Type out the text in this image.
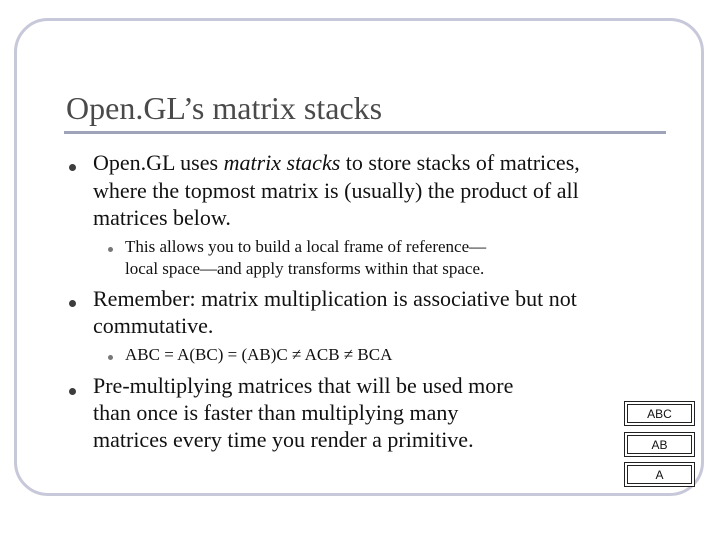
Open.GL’s matrix stacks
Open.GL uses matrix stacks to store stacks of matrices,
where the topmost matrix is (usually) the product of all
matrices below.
This allows you to build a local frame of reference—
local space—and apply transforms within that space.
Remember: matrix multiplication is associative but not
commutative.
ABC = A(BC) = (AB)C ≠ ACB ≠ BCA
Pre-multiplying matrices that will be used more
than once is faster than multiplying many
matrices every time you render a primitive.
ABC
AB
A
